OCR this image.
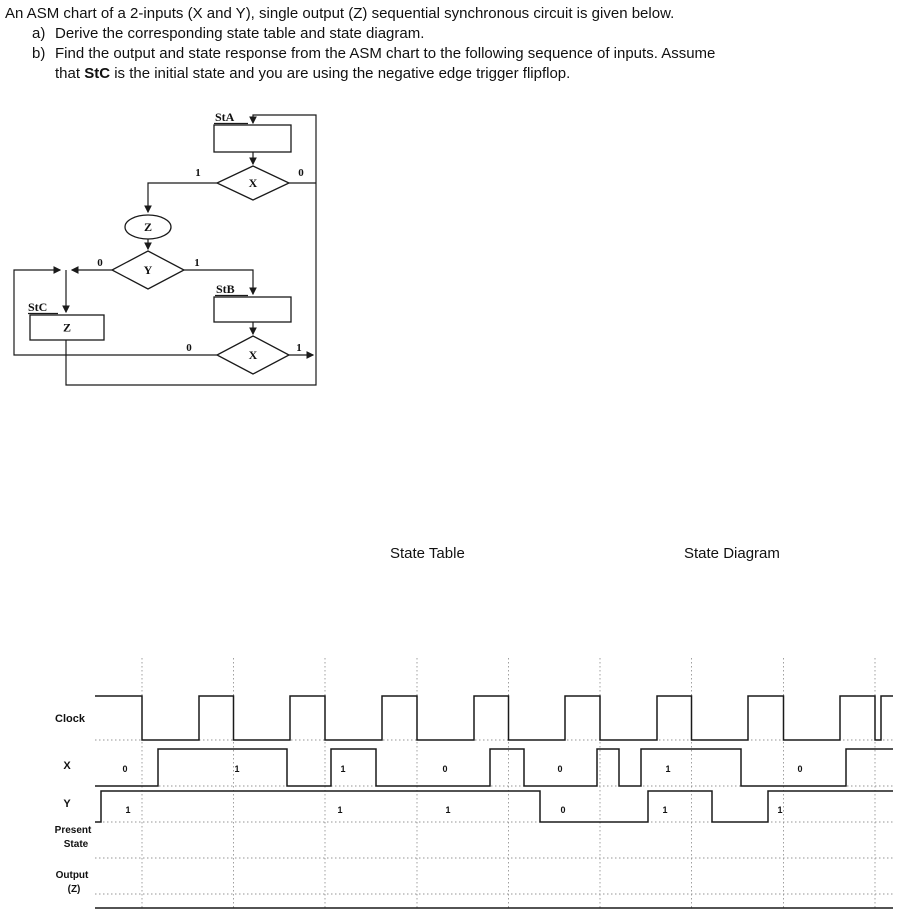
An ASM chart of a 2-inputs (X and Y), single output (Z) sequential synchronous circuit is given below.
a) Derive the corresponding state table and state diagram.
b) Find the output and state response from the ASM chart to the following sequence of inputs. Assume
that StC is the initial state and you are using the negative edge trigger flipflop.
StA
StB
StC
X
Z
Y
Z
X
1	0
0	1
0	1
State Table	State Diagram
0	1	1	0	0	1	0
1	1	1	0	1	1
Clock
X
Y
Present
State
Output
(Z)
